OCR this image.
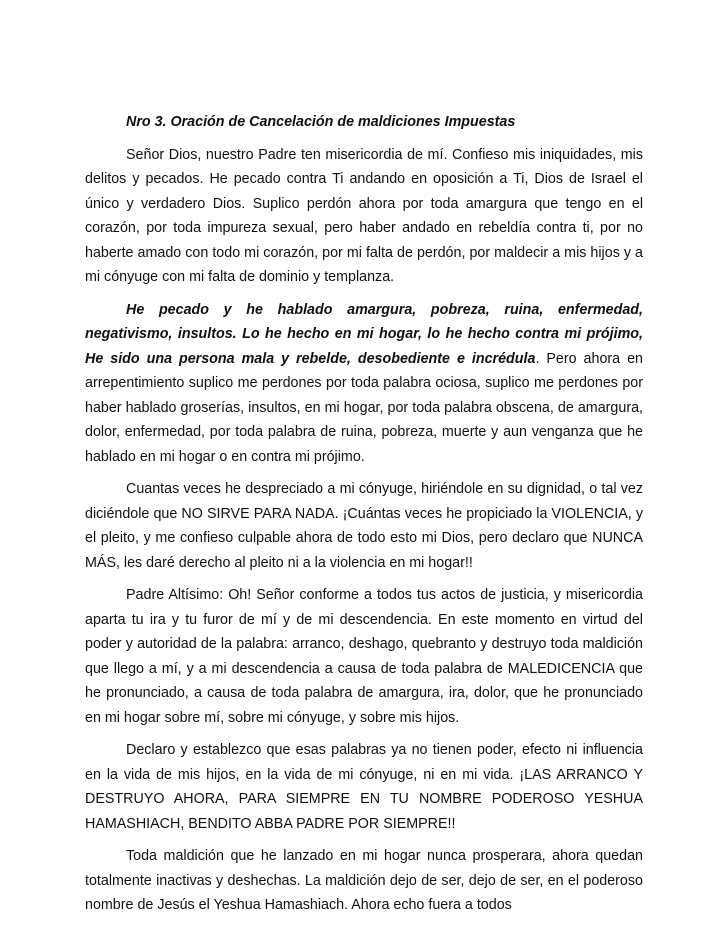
Nro 3. Oración de Cancelación de maldiciones Impuestas

Señor Dios, nuestro Padre ten misericordia de mí. Confieso mis iniquidades, mis delitos y pecados. He pecado contra Ti andando en oposición a Ti, Dios de Israel el único y verdadero Dios. Suplico perdón ahora por toda amargura que tengo en el corazón, por toda impureza sexual, pero haber andado en rebeldía contra ti, por no haberte amado con todo mi corazón, por mi falta de perdón, por maldecir a mis hijos y a mi cónyuge con mi falta de dominio y templanza.

He pecado y he hablado amargura, pobreza, ruina, enfermedad, negativismo, insultos. Lo he hecho en mi hogar, lo he hecho contra mi prójimo, He sido una persona mala y rebelde, desobediente e incrédula. Pero ahora en arrepentimiento suplico me perdones por toda palabra ociosa, suplico me perdones por haber hablado groserías, insultos, en mi hogar, por toda palabra obscena, de amargura, dolor, enfermedad, por toda palabra de ruina, pobreza, muerte y aun venganza que he hablado en mi hogar o en contra mi prójimo.

Cuantas veces he despreciado a mi cónyuge, hiriéndole en su dignidad, o tal vez diciéndole que NO SIRVE PARA NADA. ¡Cuántas veces he propiciado la VIOLENCIA, y el pleito, y me confieso culpable ahora de todo esto mi Dios, pero declaro que NUNCA MÁS, les daré derecho al pleito ni a la violencia en mi hogar!!

Padre Altísimo: Oh! Señor conforme a todos tus actos de justicia, y misericordia aparta tu ira y tu furor de mí y de mi descendencia. En este momento en virtud del poder y autoridad de la palabra: arranco, deshago, quebranto y destruyo toda maldición que llego a mí, y a mi descendencia a causa de toda palabra de MALEDICENCIA que he pronunciado, a causa de toda palabra de amargura, ira, dolor, que he pronunciado en mi hogar sobre mí, sobre mi cónyuge, y sobre mis hijos.

Declaro y establezco que esas palabras ya no tienen poder, efecto ni influencia en la vida de mis hijos, en la vida de mi cónyuge, ni en mi vida. ¡LAS ARRANCO Y DESTRUYO AHORA, PARA SIEMPRE EN TU NOMBRE PODEROSO YESHUA HAMASHIACH, BENDITO ABBA PADRE POR SIEMPRE!!

Toda maldición que he lanzado en mi hogar nunca prosperara, ahora quedan totalmente inactivas y deshechas. La maldición dejo de ser, dejo de ser, en el poderoso nombre de Jesús el Yeshua Hamashiach. Ahora echo fuera a todos
